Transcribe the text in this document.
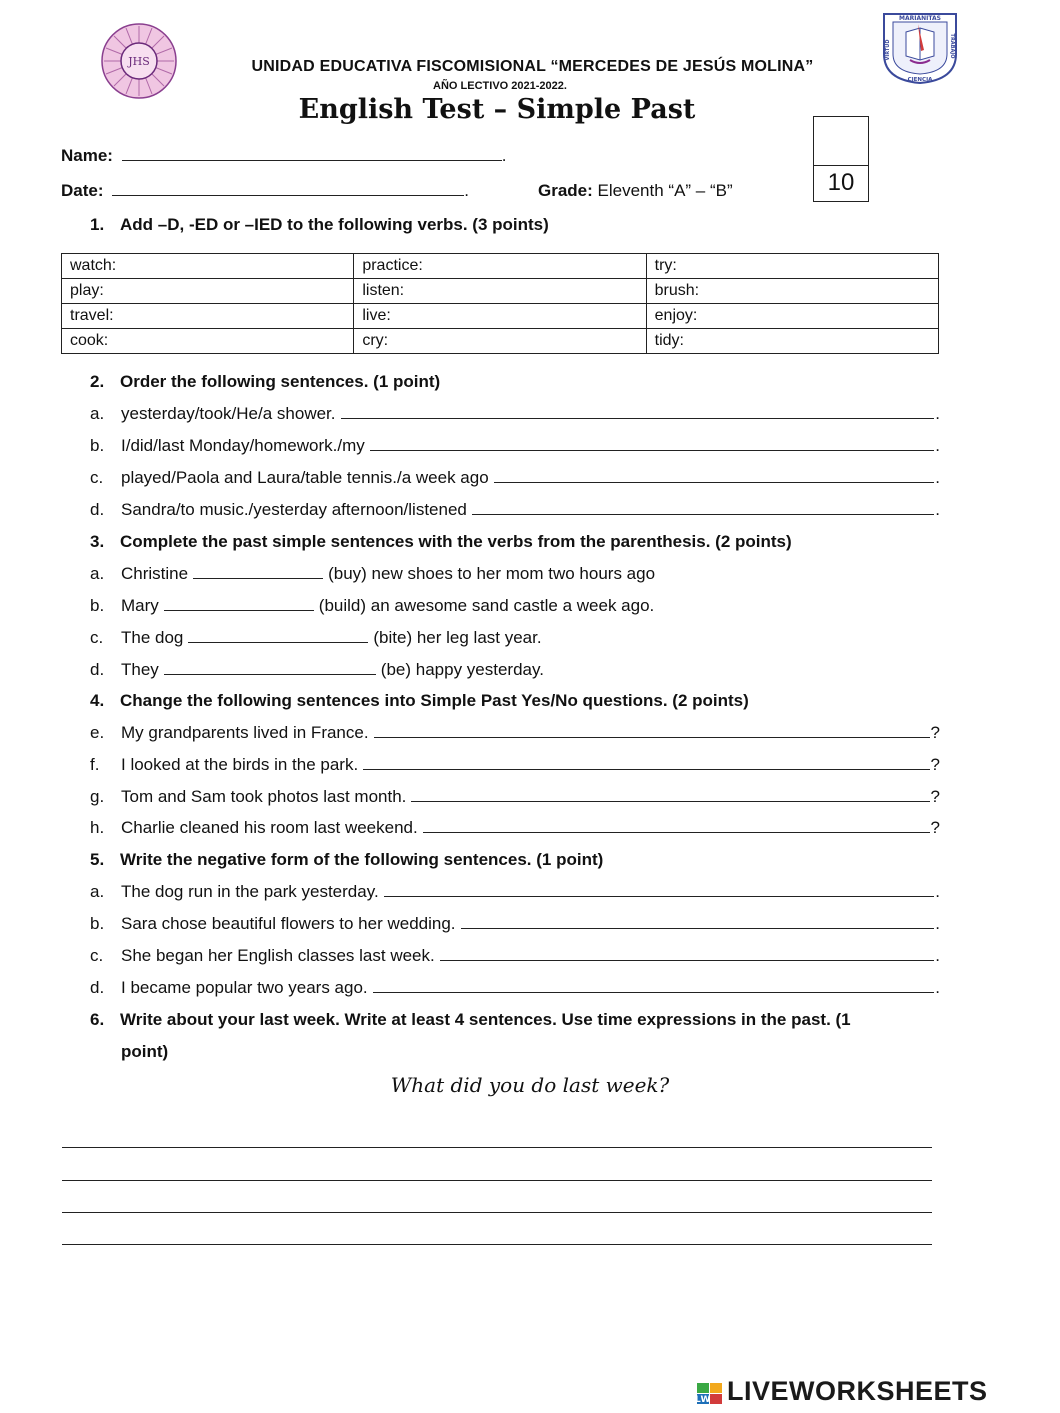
JHS
MARIANITAS
VIRTUD	TRABAJO
CIENCIA
UNIDAD EDUCATIVA FISCOMISIONAL “MERCEDES DE JESÚS MOLINA”
AÑO LECTIVO 2021-2022.
English Test – Simple Past
10
Name:	.
Date:	.	Grade: Eleventh “A” – “B”
1. Add –D, -ED or –IED to the following verbs. (3 points)
watch:	practice:	try:
play:	listen:	brush:
travel:	live:	enjoy:
cook:	cry:	tidy:
2. Order the following sentences. (1 point)
a. yesterday/took/He/a shower.	.
b. I/did/last Monday/homework./my	.
c.	played/Paola and Laura/table tennis./a week ago	.
d. Sandra/to music./yesterday afternoon/listened	.
3. Complete the past simple sentences with the verbs from the parenthesis. (2 points)
a. Christine	(buy) new shoes to her mom two hours ago
b. Mary	(build) an awesome sand castle a week ago.
c.	The dog	(bite) her leg last year.
d. They	(be) happy yesterday.
4. Change the following sentences into Simple Past Yes/No questions. (2 points)
e. My grandparents lived in France.	?
f.	I looked at the birds in the park.	?
g. Tom and Sam took photos last month.	?
h. Charlie cleaned his room last weekend.	?
5. Write the negative form of the following sentences. (1 point)
a. The dog run in the park yesterday.	.
b. Sara chose beautiful flowers to her wedding.	.
c.	She began her English classes last week.	.
d. I became popular two years ago.	.
6. Write about your last week. Write at least 4 sentences. Use time expressions in the past. (1
point)
What did you do last week?
LW LIVEWORKSHEETS
